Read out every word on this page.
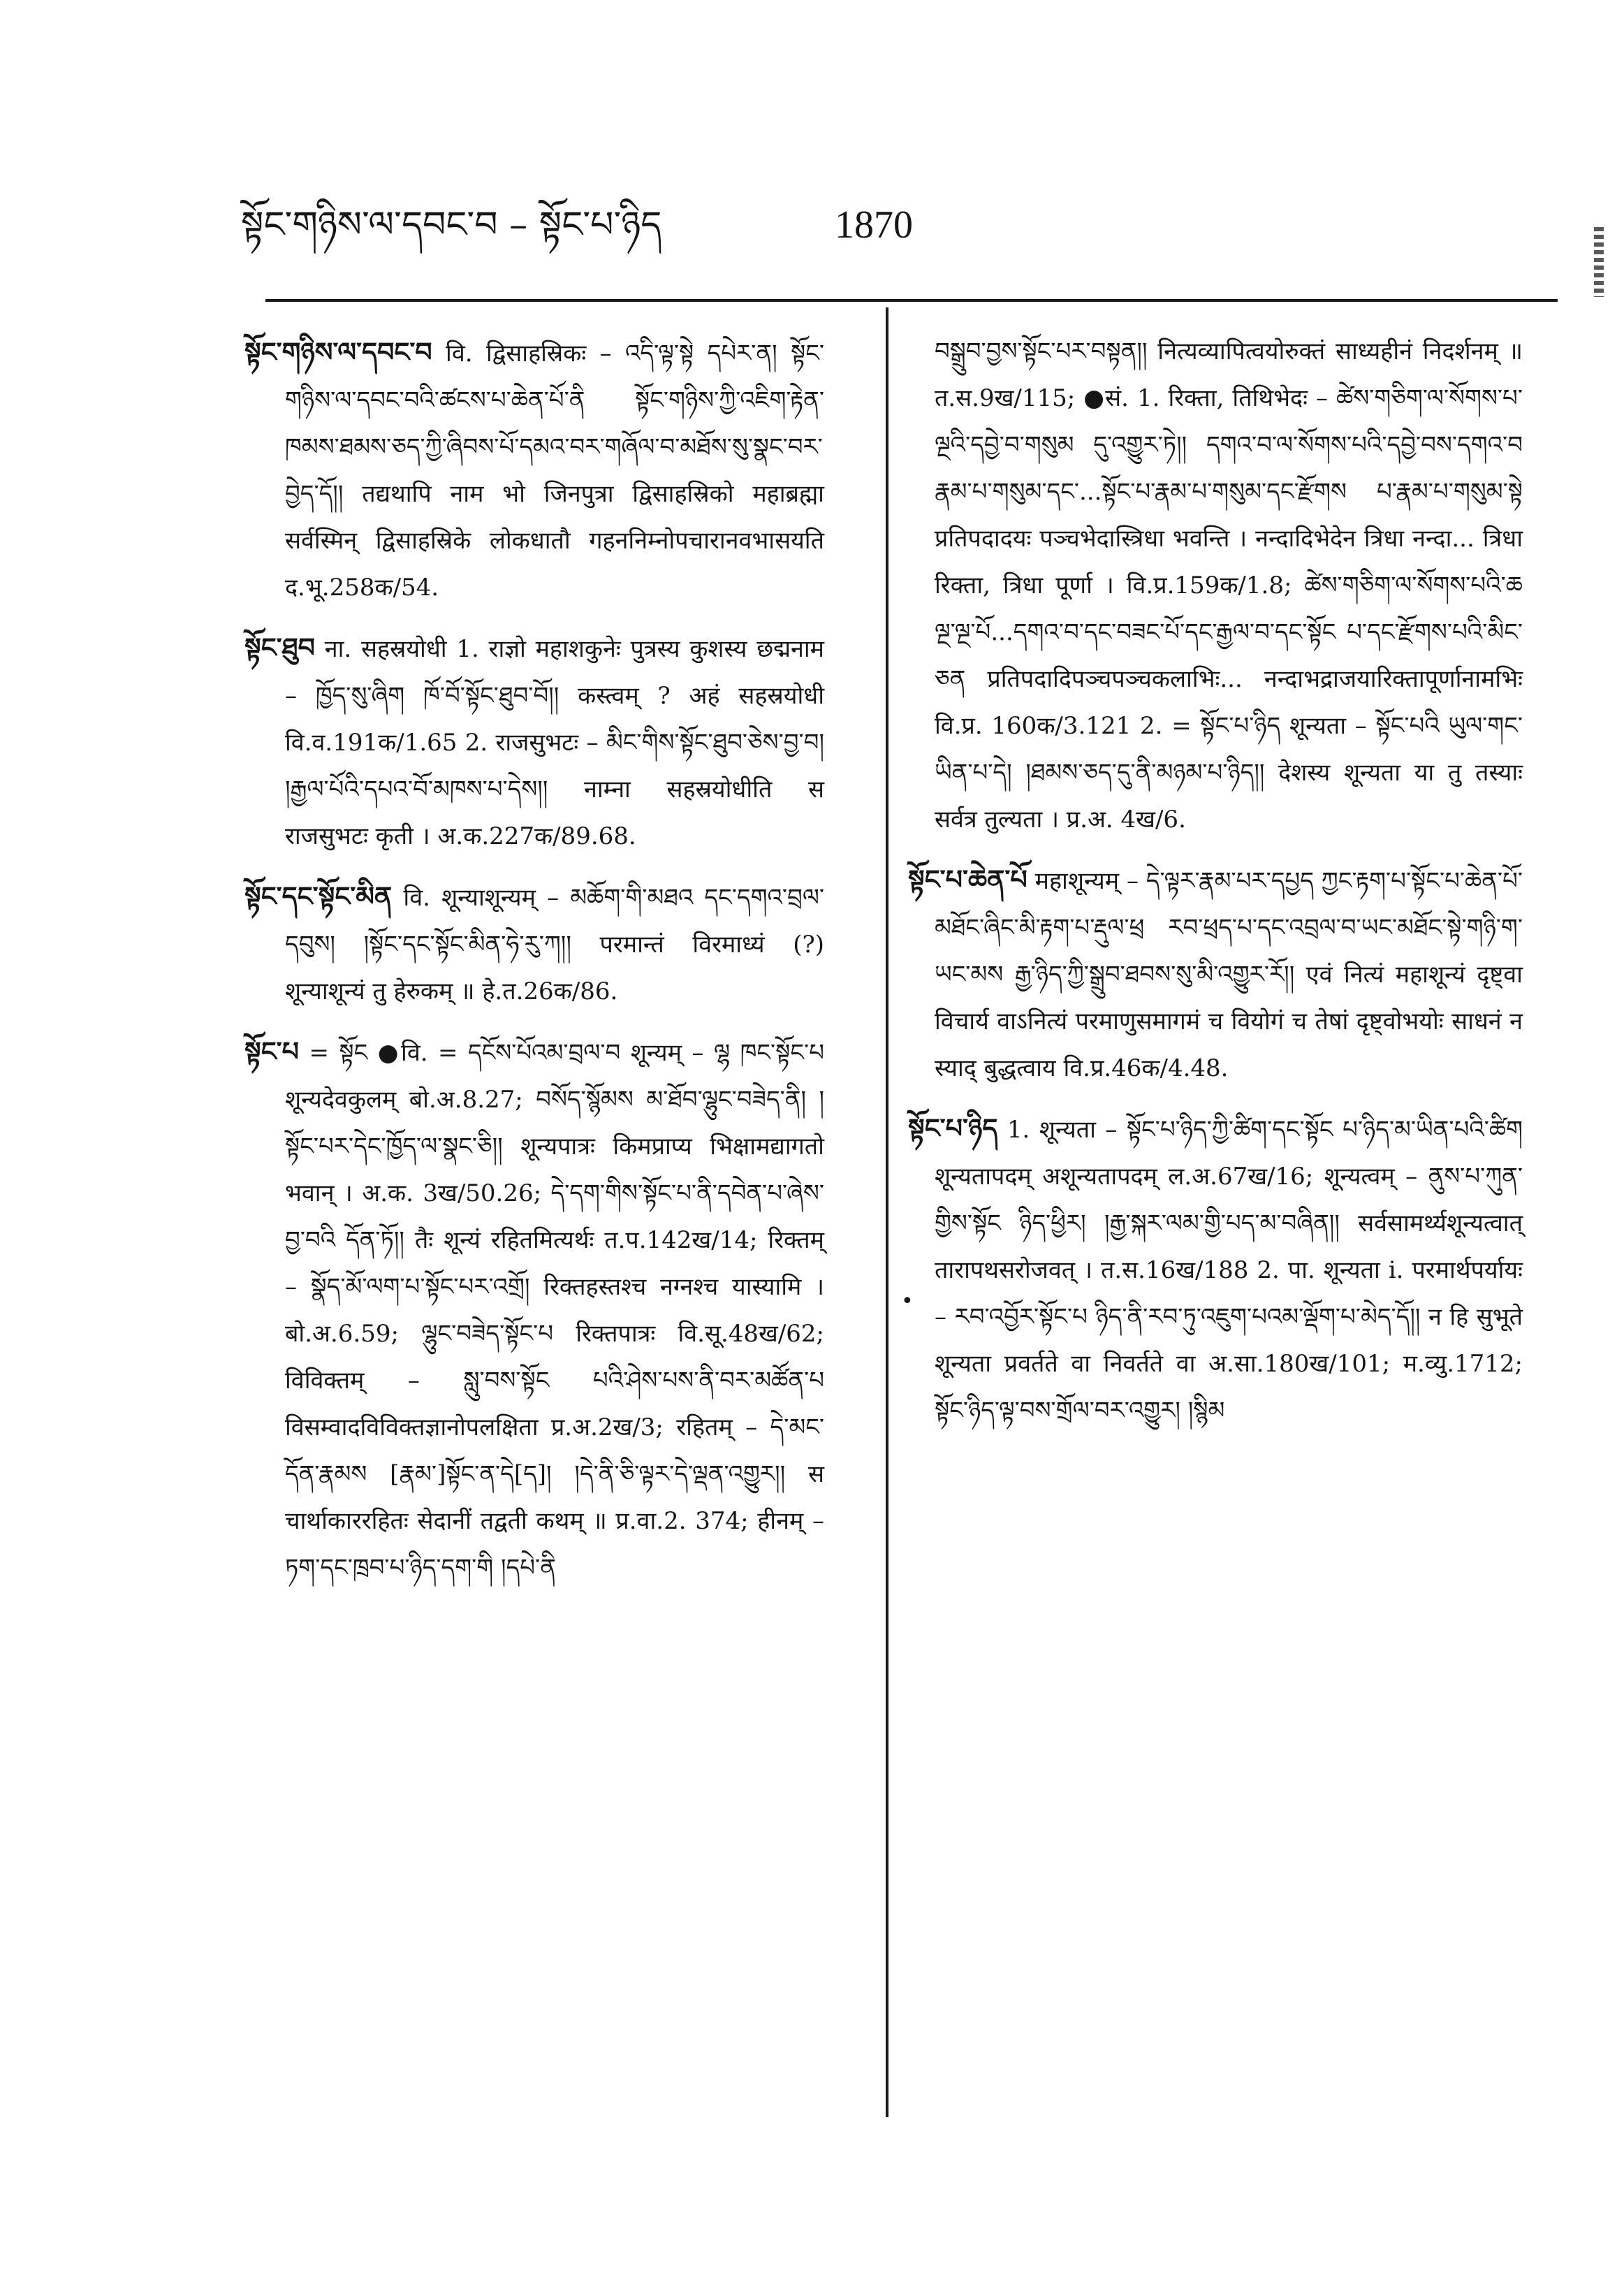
སྟོང་གཉིས་ལ་དབང་བ – སྟོང་པ་ཉིད	1870

སྟོང་གཉིས་ལ་དབང་བ वि. द्विसाहस्रिकः – འདི་ལྟ་སྟེ དཔེར་ན། སྟོང་གཉིས་ལ་དབང་བའི་ཚངས་པ་ཆེན་པོ་ནི སྟོང་གཉིས་ཀྱི་འཇིག་རྟེན་ཁམས་ཐམས་ཅད་ཀྱི་ཞིབས་པོ་དམའ་བར་གཞོལ་བ་མཐོས་སུ་སྣང་བར་བྱེད་དོ།། तद्यथापि नाम भो जिनपुत्रा द्विसाहस्रिको महाब्रह्मा सर्वस्मिन् द्विसाहस्रिके लोकधातौ गहननिम्नोपचारानवभासयति द.भू.258क/54.

སྟོང་ཐུབ ना. सहस्रयोधी 1. राज्ञो महाशकुनेः पुत्रस्य कुशस्य छद्मनाम – ཁྱོད་སུ་ཞིག ཁོ་བོ་སྟོང་ཐུབ་བོ།། कस्त्वम् ? अहं सहस्रयोधी वि.व.191क/1.65 2. राजसुभटः – མིང་གིས་སྟོང་ཐུབ་ཅེས་བྱ་བ། །རྒྱལ་པོའི་དཔའ་བོ་མཁས་པ་དེས།། नाम्ना सहस्रयोधीति स राजसुभटः कृती । अ.क.227क/89.68.

སྟོང་དང་སྟོང་མིན वि. शून्याशून्यम् – མཆོག་གི་མཐའ དང་དགའ་བྲལ་དབུས། །སྟོང་དང་སྟོང་མིན་ཧེ་རུ་ཀ།། परमान्तं विरमाध्यं (?) शून्याशून्यं तु हेरुकम् ॥ हे.त.26क/86.

སྟོང་པ = སྟོང ●वि. = དངོས་པོའམ་བྲལ་བ शून्यम् – ལྷ ཁང་སྟོང་པ शून्यदेवकुलम् बो.अ.8.27; བསོད་སྙོམས མ་ཐོབ་ལྷུང་བཟེད་ནི། །སྟོང་པར་དེང་ཁྱོད་ལ་སྣང་ཅི།། शून्यपात्रः किमप्राप्य भिक्षामद्यागतो भवान् । अ.क. 3ख/50.26; དེ་དག་གིས་སྟོང་པ་ནི་དབེན་པ་ཞེས་བྱ་བའི དོན་ཏོ།། तैः शून्यं रहितमित्यर्थः त.प.142ख/14; रिक्तम् – སྣོད་མོ་ལག་པ་སྟོང་པར་འགྲོ། रिक्तहस्तश्च नग्नश्च यास्यामि । बो.अ.6.59; ལྷུང་བཟེད་སྟོང་པ रिक्तपात्रः वि.सू.48ख/62; विविक्तम् – སླུ་བས་སྟོང པའི་ཤེས་པས་ནི་བར་མཚོན་པ विसम्वादविविक्तज्ञानोपलक्षिता प्र.अ.2ख/3; रहितम् – དེ་མང་དོན་རྣམས [རྣམ་]སྟོང་ན་དེ[ད]། །དེ་ནི་ཅི་ལྟར་དེ་ལྡན་འགྱུར།། स चार्थाकाररहितः सेदानीं तद्वती कथम् ॥ प्र.वा.2. 374; हीनम् – ཏག་དང་ཁྲབ་པ་ཉིད་དག་གི །དཔེ་ནི

བསྒྲུབ་བྱས་སྟོང་པར་བསྟན།། नित्यव्यापित्वयोरुक्तं साध्यहीनं निदर्शनम् ॥ त.स.9ख/115; ●सं. 1. रिक्ता, तिथिभेदः – ཚེས་གཅིག་ལ་སོགས་པ་ལྔའི་དབྱེ་བ་གསུམ དུ་འགྱུར་ཏེ།། དགའ་བ་ལ་སོགས་པའི་དབྱེ་བས་དགའ་བ རྣམ་པ་གསུམ་དང་...སྟོང་པ་རྣམ་པ་གསུམ་དང་རྫོགས པ་རྣམ་པ་གསུམ་སྟེ प्रतिपदादयः पञ्चभेदास्त्रिधा भवन्ति । नन्दादिभेदेन त्रिधा नन्दा... त्रिधा रिक्ता, त्रिधा पूर्णा । वि.प्र.159क/1.8; ཚེས་གཅིག་ལ་སོགས་པའི་ཆ ལྔ་ལྔ་པོ...དགའ་བ་དང་བཟང་པོ་དང་རྒྱལ་བ་དང་སྟོང པ་དང་རྫོགས་པའི་མིང་ཅན प्रतिपदादिपञ्चपञ्चकलाभिः... नन्दाभद्राजयारिक्तापूर्णानामभिः वि.प्र. 160क/3.121 2. = སྟོང་པ་ཉིད शून्यता – སྟོང་པའི ཡུལ་གང་ཡིན་པ་དེ། །ཐམས་ཅད་དུ་ནི་མཉམ་པ་ཉིད།། देशस्य शून्यता या तु तस्याः सर्वत्र तुल्यता । प्र.अ. 4ख/6.

སྟོང་པ་ཆེན་པོ महाशून्यम् – དེ་ལྟར་རྣམ་པར་དཔྱད ཀྱང་རྟག་པ་སྟོང་པ་ཆེན་པོ་མཐོང་ཞིང་མི་རྟག་པ་རྡུལ་ཕྲ རབ་ཕྲད་པ་དང་འབྲལ་བ་ཡང་མཐོང་སྟེ་གཉི་ག་ཡང་མས རྒྱ་ཉིད་ཀྱི་སྒྲུབ་ཐབས་སུ་མི་འགྱུར་རོ།། एवं नित्यं महाशून्यं दृष्ट्वा विचार्य वाऽनित्यं परमाणुसमागमं च वियोगं च तेषां दृष्ट्वोभयोः साधनं न स्याद् बुद्धत्वाय वि.प्र.46क/4.48.

སྟོང་པ་ཉིད 1. शून्यता – སྟོང་པ་ཉིད་ཀྱི་ཚིག་དང་སྟོང པ་ཉིད་མ་ཡིན་པའི་ཚིག शून्यतापदम् अशून्यतापदम् ल.अ.67ख/16; शून्यत्वम् – ནུས་པ་ཀུན་གྱིས་སྟོང ཉིད་ཕྱིར། །རྒྱ་སྐར་ལམ་གྱི་པད་མ་བཞིན།། सर्वसामर्थ्यशून्यत्वात् तारापथसरोजवत् । त.स.16ख/188 2. पा. शून्यता i. परमार्थपर्यायः – རབ་འབྱོར་སྟོང་པ ཉིད་ནི་རབ་ཏུ་འཇུག་པའམ་ལྡོག་པ་མེད་དོ།། न हि सुभूते शून्यता प्रवर्तते वा निवर्तते वा अ.सा.180ख/101; म.व्यु.1712; སྟོང་ཉིད་ལྟ་བས་གྲོལ་བར་འགྱུར། །སྙིམ

•
